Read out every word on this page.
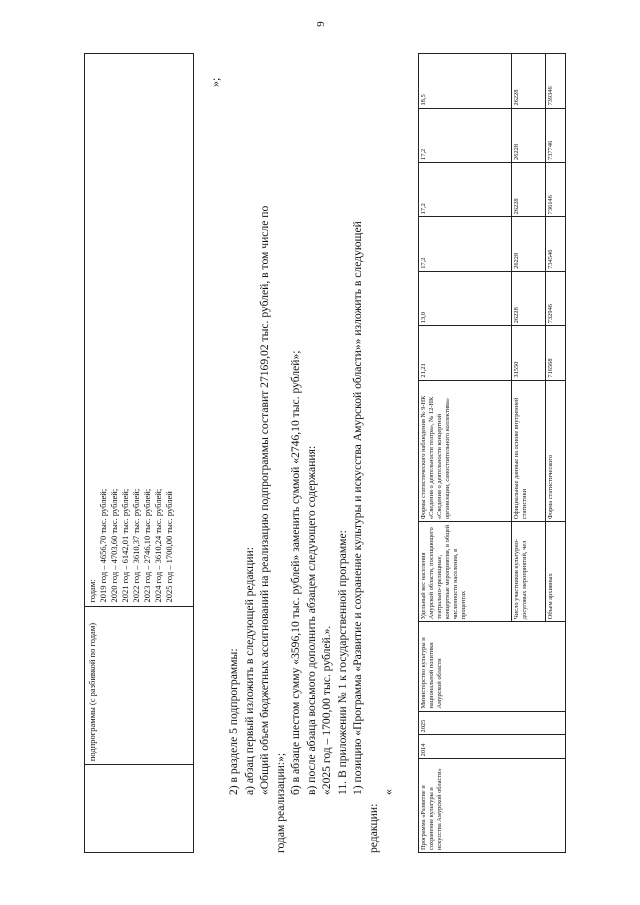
9
	подпрограммы (с разбивкой по годам)	
годам: 2019 год – 4656,70 тыс. рублей; 2020 год – 4703,60 тыс. рублей; 2021 год – 6142,01 тыс. рублей; 2022 год – 3610,37 тыс. рублей; 2023 год – 2746,10 тыс. рублей; 2024 год – 3610,24 тыс. рублей; 2025 год – 1700,00 тыс. рублей
»;

2) в разделе 5 подпрограммы: а) абзац первый изложить в следующей редакции: «Общий объем бюджетных ассигнований на реализацию подпрограммы составит 27169,02 тыс. рублей, в том числе по

годам реализации:»;

б) в абзаце шестом сумму «3596,10 тыс. рублей» заменить суммой «2746,10 тыс. рублей»; в) после абзаца восьмого дополнить абзацем следующего содержания: «2025 год – 1700,00 тыс. рублей.». 11. В приложении № 1 к государственной программе: 1) позицию «Программа «Развитие и сохранение культуры и искусства Амурской области»» изложить в следующей

редакции:

«	Программа «Развитие и сохранение культуры и искусства Амурской области»	2014	2025	Министерство культуры и национальной политики Амурской области	Удельный вес населения Амурской области, посещающего театрально-зрелищные, концертные мероприятия, в общей численности населения, в процентах	Формы статистического наблюдения № 9-НК «Сведения о деятельности театра», № 12-НК «Сведения о деятельности концертной организации, самостоятельного коллектива»	21,21	13,0	17,2	17,2	17,2	18,5
				Число участников культурно-досуговых мероприятий, чел	Официальные данные на основе внутренней статистики	31550	26228	26228	26228	26228	26228
				Объем архивных	Форма статистического	716568	732946	734546	736146	737746	739346
